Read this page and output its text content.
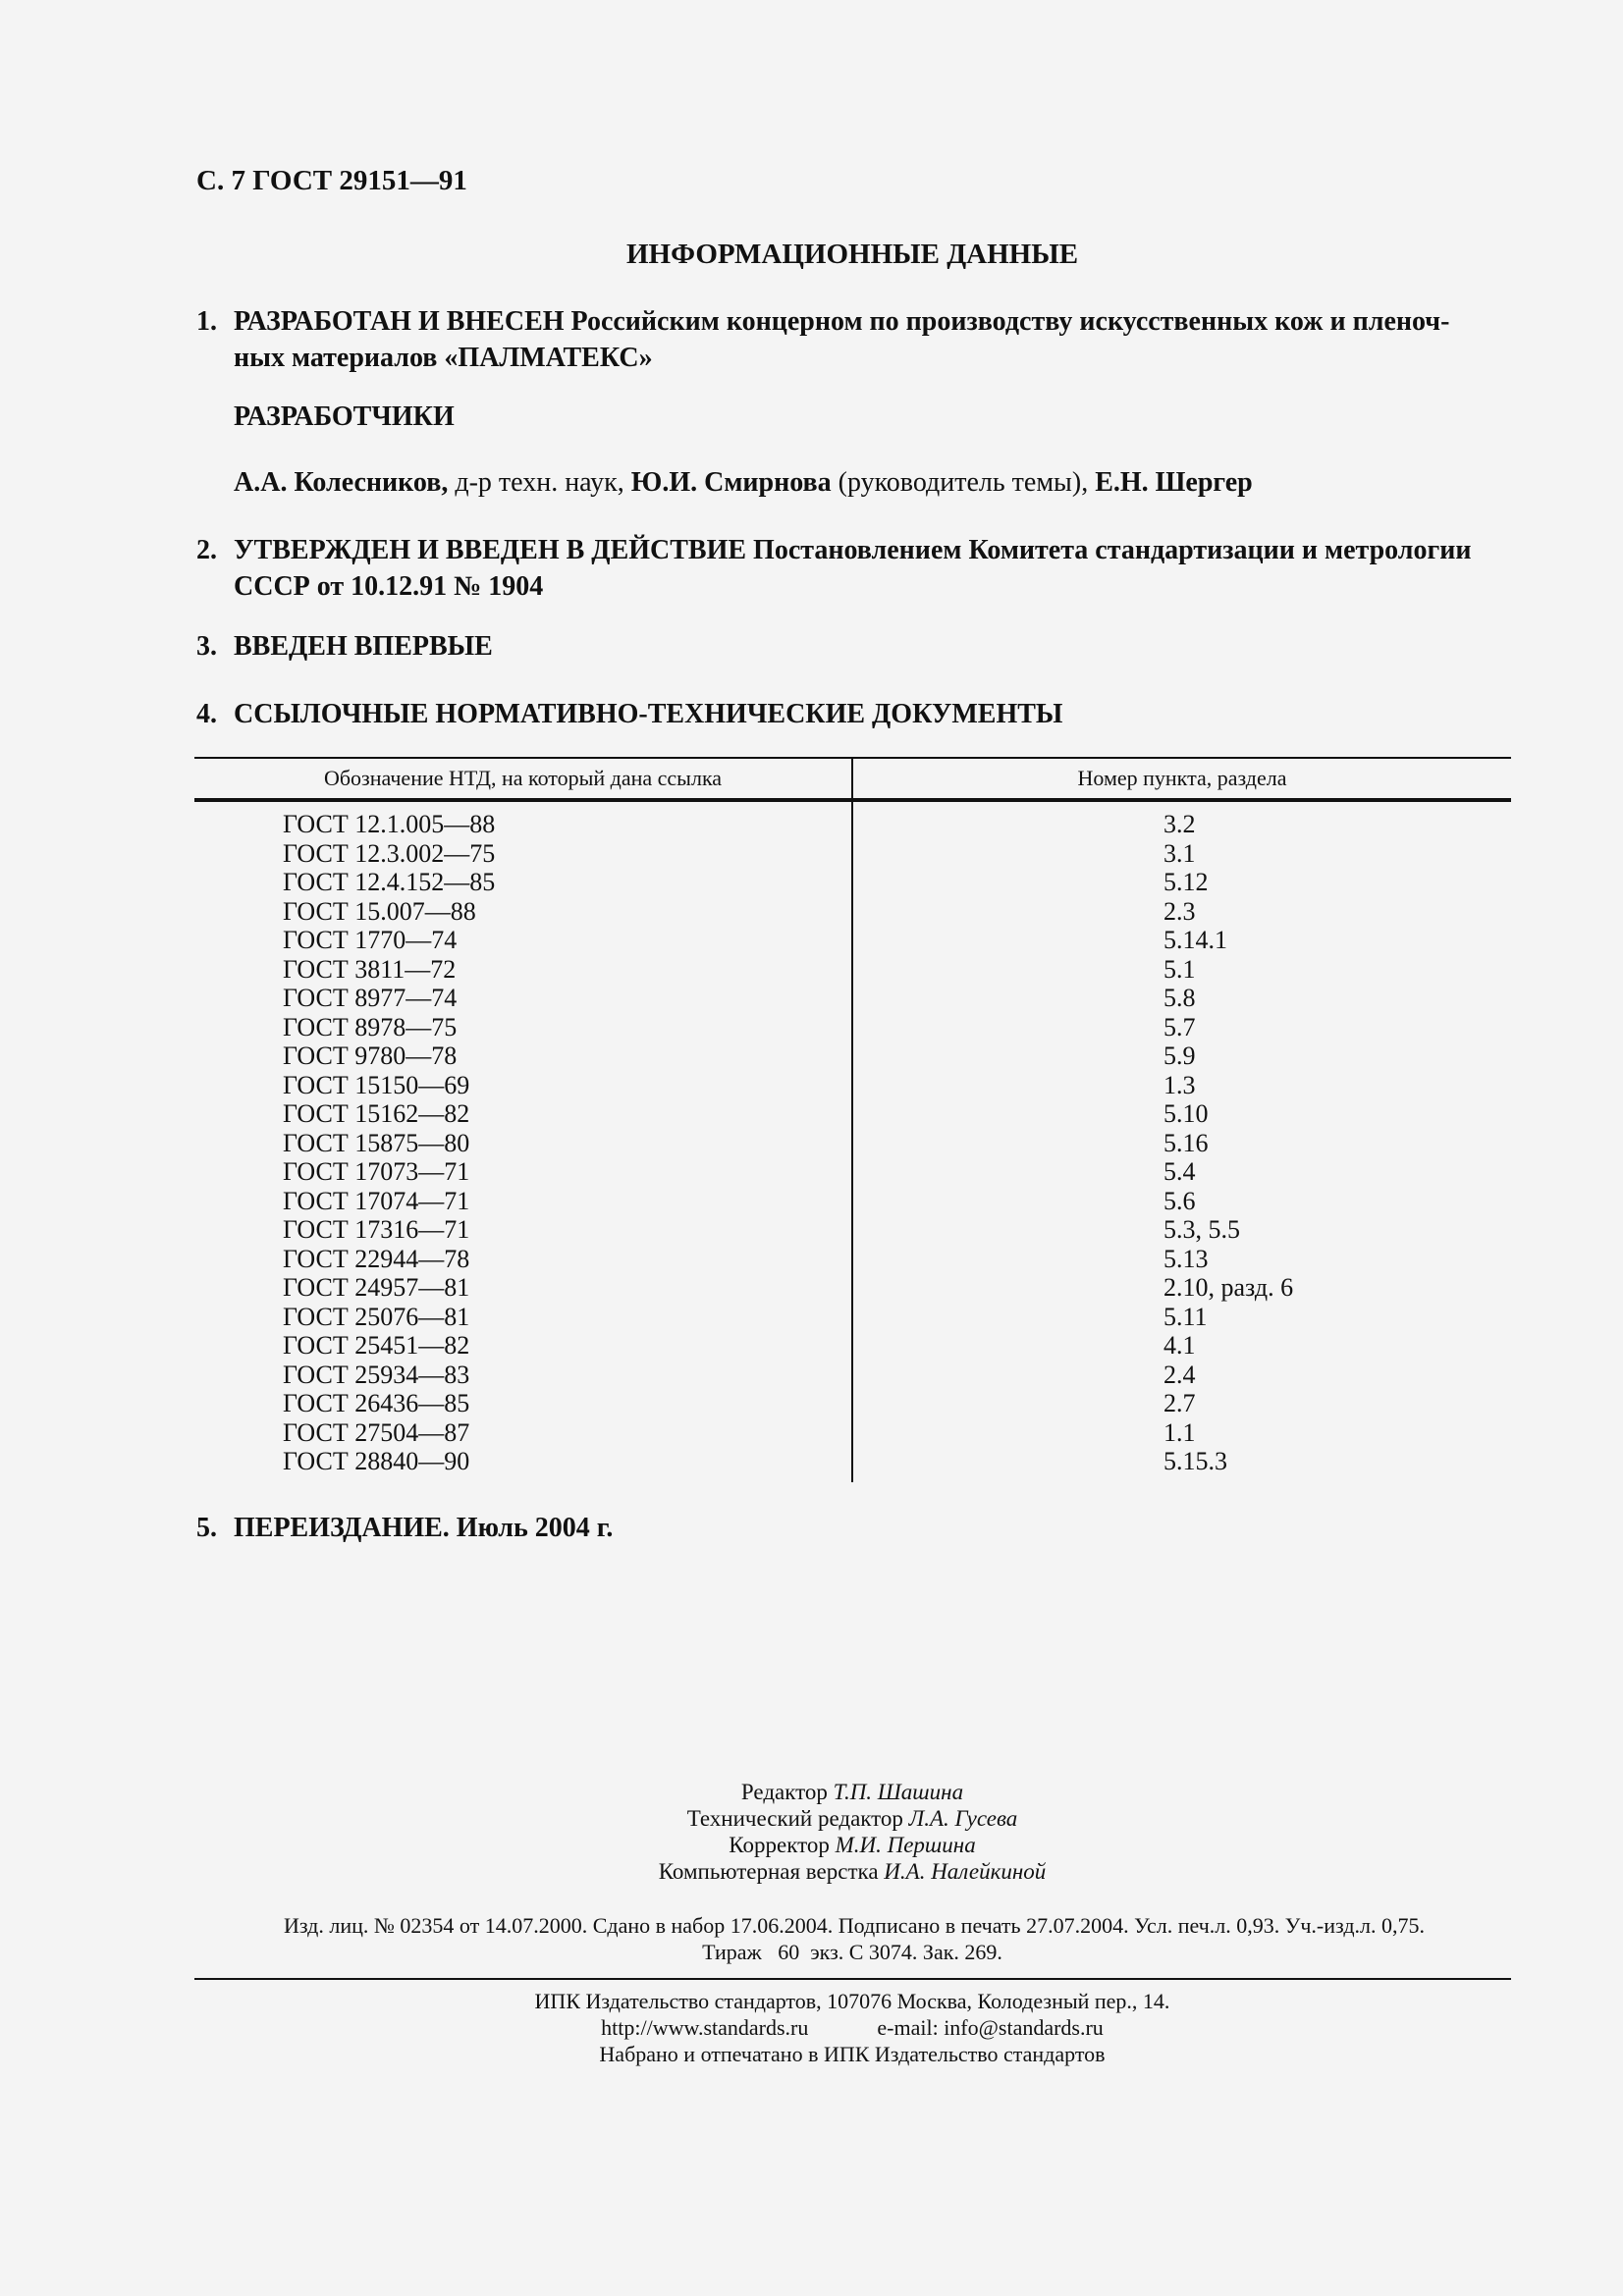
С. 7 ГОСТ 29151—91
ИНФОРМАЦИОННЫЕ ДАННЫЕ
1. РАЗРАБОТАН И ВНЕСЕН Российским концерном по производству искусственных кож и пленоч-
ных материалов «ПАЛМАТЕКС»
РАЗРАБОТЧИКИ
А.А. Колесников, д-р техн. наук, Ю.И. Смирнова (руководитель темы), Е.Н. Шергер
2. УТВЕРЖДЕН И ВВЕДЕН В ДЕЙСТВИЕ Постановлением Комитета стандартизации и метрологии
СССР от 10.12.91 № 1904
3. ВВЕДЕН ВПЕРВЫЕ
4. ССЫЛОЧНЫЕ НОРМАТИВНО-ТЕХНИЧЕСКИЕ ДОКУМЕНТЫ
Обозначение НТД, на который дана ссылка	Номер пункта, раздела
ГОСТ 12.1.005—88
ГОСТ 12.3.002—75
ГОСТ 12.4.152—85
ГОСТ 15.007—88
ГОСТ 1770—74
ГОСТ 3811—72
ГОСТ 8977—74
ГОСТ 8978—75
ГОСТ 9780—78
ГОСТ 15150—69
ГОСТ 15162—82
ГОСТ 15875—80
ГОСТ 17073—71
ГОСТ 17074—71
ГОСТ 17316—71
ГОСТ 22944—78
ГОСТ 24957—81
ГОСТ 25076—81
ГОСТ 25451—82
ГОСТ 25934—83
ГОСТ 26436—85
ГОСТ 27504—87
ГОСТ 28840—90
3.2
3.1
5.12
2.3
5.14.1
5.1
5.8
5.7
5.9
1.3
5.10
5.16
5.4
5.6
5.3, 5.5
5.13
2.10, разд. 6
5.11
4.1
2.4
2.7
1.1
5.15.3
5. ПЕРЕИЗДАНИЕ. Июль 2004 г.
Редактор Т.П. Шашина
Технический редактор Л.А. Гусева
Корректор М.И. Першина
Компьютерная верстка И.А. Налейкиной
Изд. лиц. № 02354 от 14.07.2000. Сдано в набор 17.06.2004. Подписано в печать 27.07.2004. Усл. печ.л. 0,93. Уч.-изд.л. 0,75.
Тираж   60  экз. С 3074. Зак. 269.
ИПК Издательство стандартов, 107076 Москва, Колодезный пер., 14.
http://www.standards.ru	e-mail: info@standards.ru
Набрано и отпечатано в ИПК Издательство стандартов
